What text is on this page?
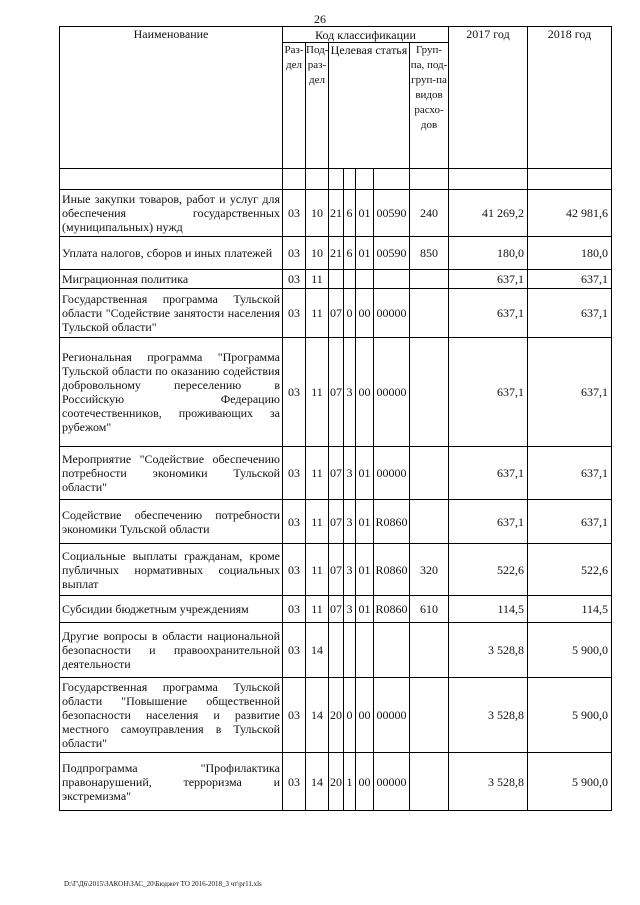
26
Наименование	Код классификации							2017 год	2018 год
	Раз-дел	Под-раз-дел	Целевая статья				Груп-па, под-груп-па видов расхо-дов		

Иные закупки товаров, работ и услуг для обеспечения государственных (муниципальных) нужд	03	10	21	6	01	00590	240	41 269,2	42 981,6
Уплата налогов, сборов и иных платежей	03	10	21	6	01	00590	850	180,0	180,0
Миграционная политика	03	11						637,1	637,1
Государственная программа Тульской области "Содействие занятости населения Тульской области"	03	11	07	0	00	00000		637,1	637,1
Региональная программа "Программа Тульской области по оказанию содействия добровольному переселению в Российскую Федерацию соотечественников, проживающих за рубежом"	03	11	07	3	00	00000		637,1	637,1
Мероприятие "Содействие обеспечению потребности экономики Тульской области"	03	11	07	3	01	00000		637,1	637,1
Содействие обеспечению потребности экономики Тульской области	03	11	07	3	01	R0860		637,1	637,1
Социальные выплаты гражданам, кроме публичных нормативных социальных выплат	03	11	07	3	01	R0860	320	522,6	522,6
Субсидии бюджетным учреждениям	03	11	07	3	01	R0860	610	114,5	114,5
Другие вопросы в области национальной безопасности и правоохранительной деятельности	03	14						3 528,8	5 900,0
Государственная программа Тульской области "Повышение общественной безопасности населения и развитие местного самоуправления в Тульской области"	03	14	20	0	00	00000		3 528,8	5 900,0
Подпрограмма "Профилактика правонарушений, терроризма и экстремизма"	03	14	20	1	00	00000		3 528,8	5 900,0
D:\Г\Д6\2015\ЗАКОН\ЗАС_20\Бюджет ТО 2016-2018_3 чт\pr11.xls
